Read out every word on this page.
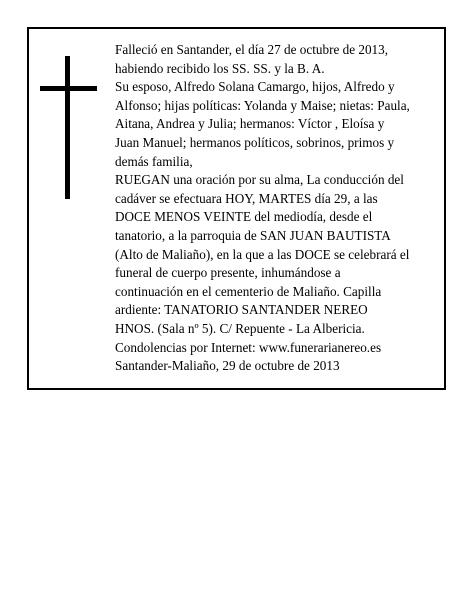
Falleció en Santander, el día 27 de octubre de 2013,
habiendo recibido los SS. SS. y la B. A.
Su esposo, Alfredo Solana Camargo, hijos, Alfredo y
Alfonso; hijas políticas: Yolanda y Maise; nietas: Paula,
Aitana, Andrea y Julia; hermanos: Víctor , Eloísa y
Juan Manuel; hermanos políticos, sobrinos, primos y
demás familia,
RUEGAN una oración por su alma, La conducción del
cadáver se efectuara HOY, MARTES día 29, a las
DOCE MENOS VEINTE del mediodía, desde el
tanatorio, a la parroquia de SAN JUAN BAUTISTA
(Alto de Maliaño), en la que a las DOCE se celebrará el
funeral de cuerpo presente, inhumándose a
continuación en el cementerio de Maliaño. Capilla
ardiente: TANATORIO SANTANDER NEREO
HNOS. (Sala nº 5). C/ Repuente - La Albericia.
Condolencias por Internet: www.funerarianereo.es
Santander-Maliaño, 29 de octubre de 2013
